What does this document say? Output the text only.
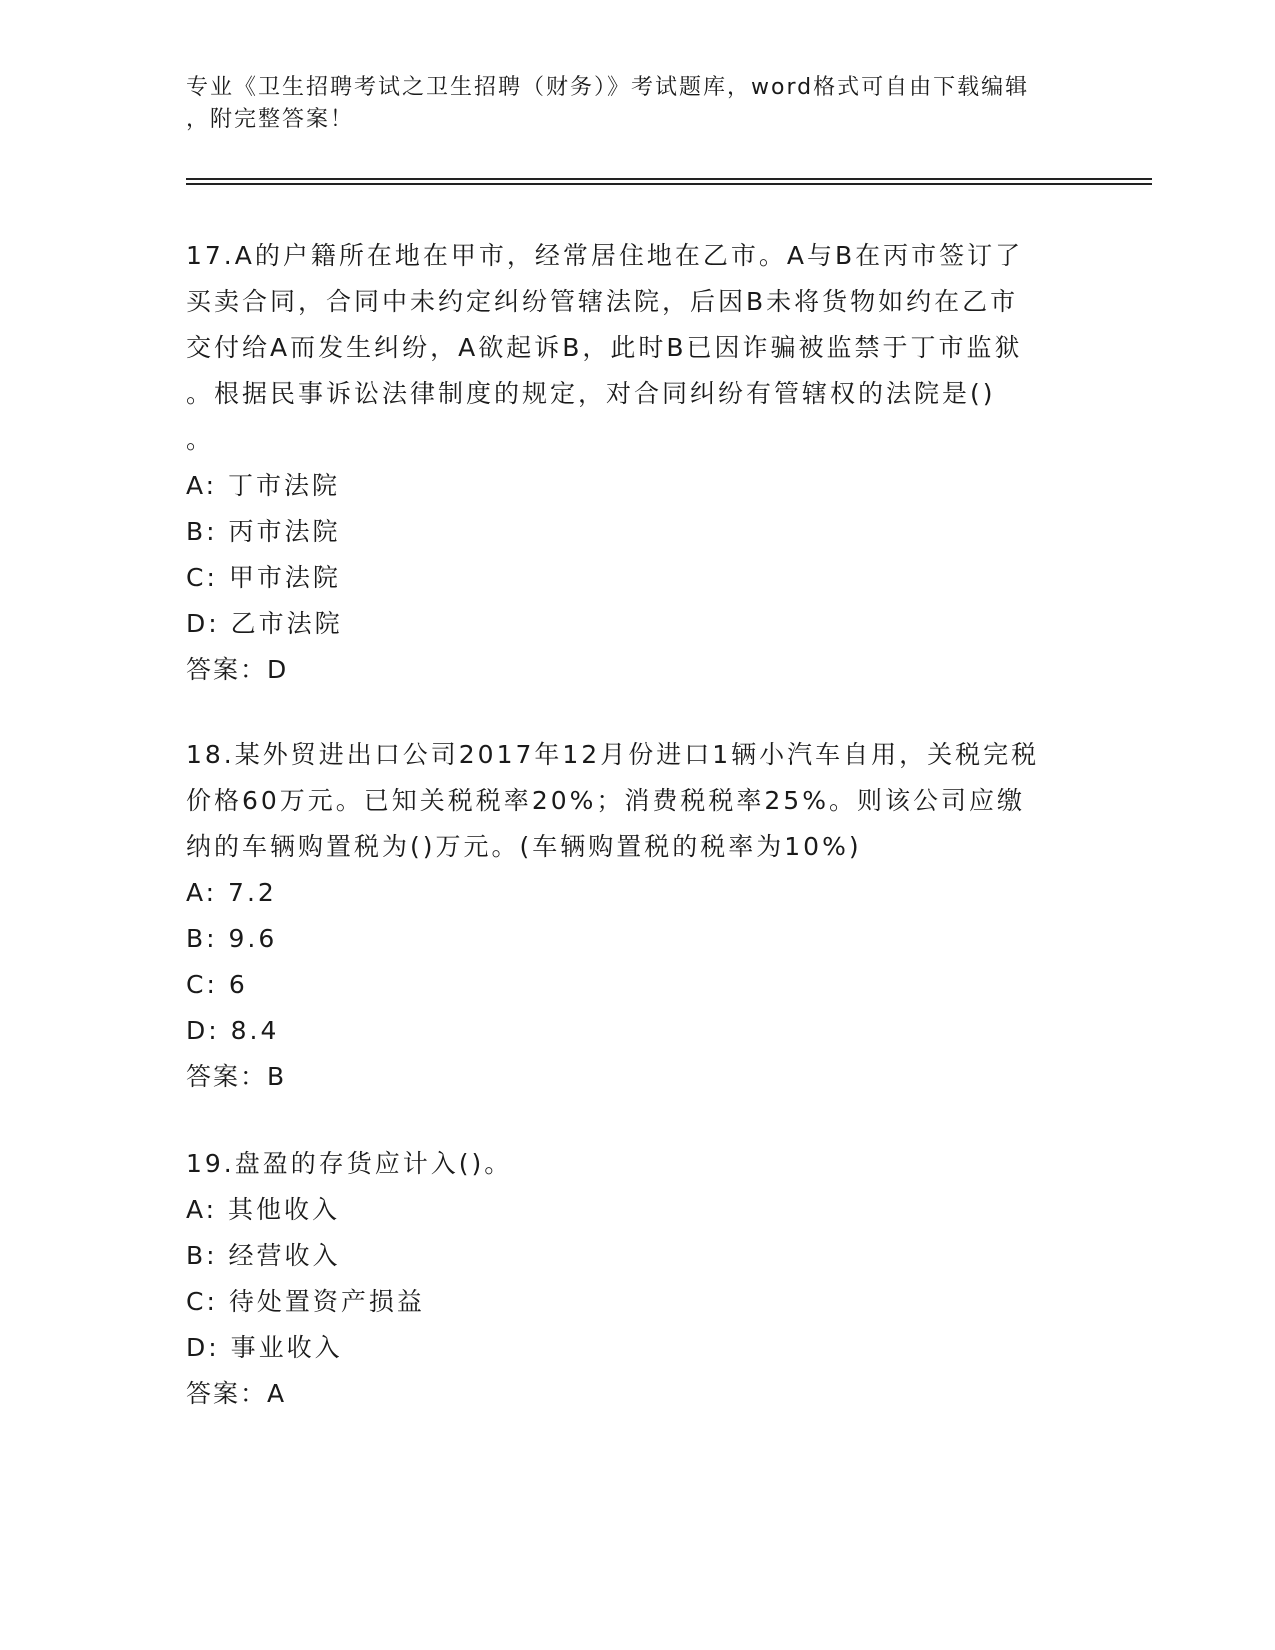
专业《卫生招聘考试之卫生招聘（财务）》考试题库，word格式可自由下载编辑
，附完整答案！

17.A的户籍所在地在甲市，经常居住地在乙市。A与B在丙市签订了

买卖合同，合同中未约定纠纷管辖法院，后因B未将货物如约在乙市

交付给A而发生纠纷，A欲起诉B，此时B已因诈骗被监禁于丁市监狱

。根据民事诉讼法律制度的规定，对合同纠纷有管辖权的法院是()

。

A: 丁市法院

B: 丙市法院

C: 甲市法院

D: 乙市法院

答案：D

18.某外贸进出口公司2017年12月份进口1辆小汽车自用，关税完税

价格60万元。已知关税税率20%；消费税税率25%。则该公司应缴

纳的车辆购置税为()万元。(车辆购置税的税率为10%)

A: 7.2

B: 9.6

C: 6

D: 8.4

答案：B

19.盘盈的存货应计入()。

A: 其他收入

B: 经营收入

C: 待处置资产损益

D: 事业收入

答案：A
